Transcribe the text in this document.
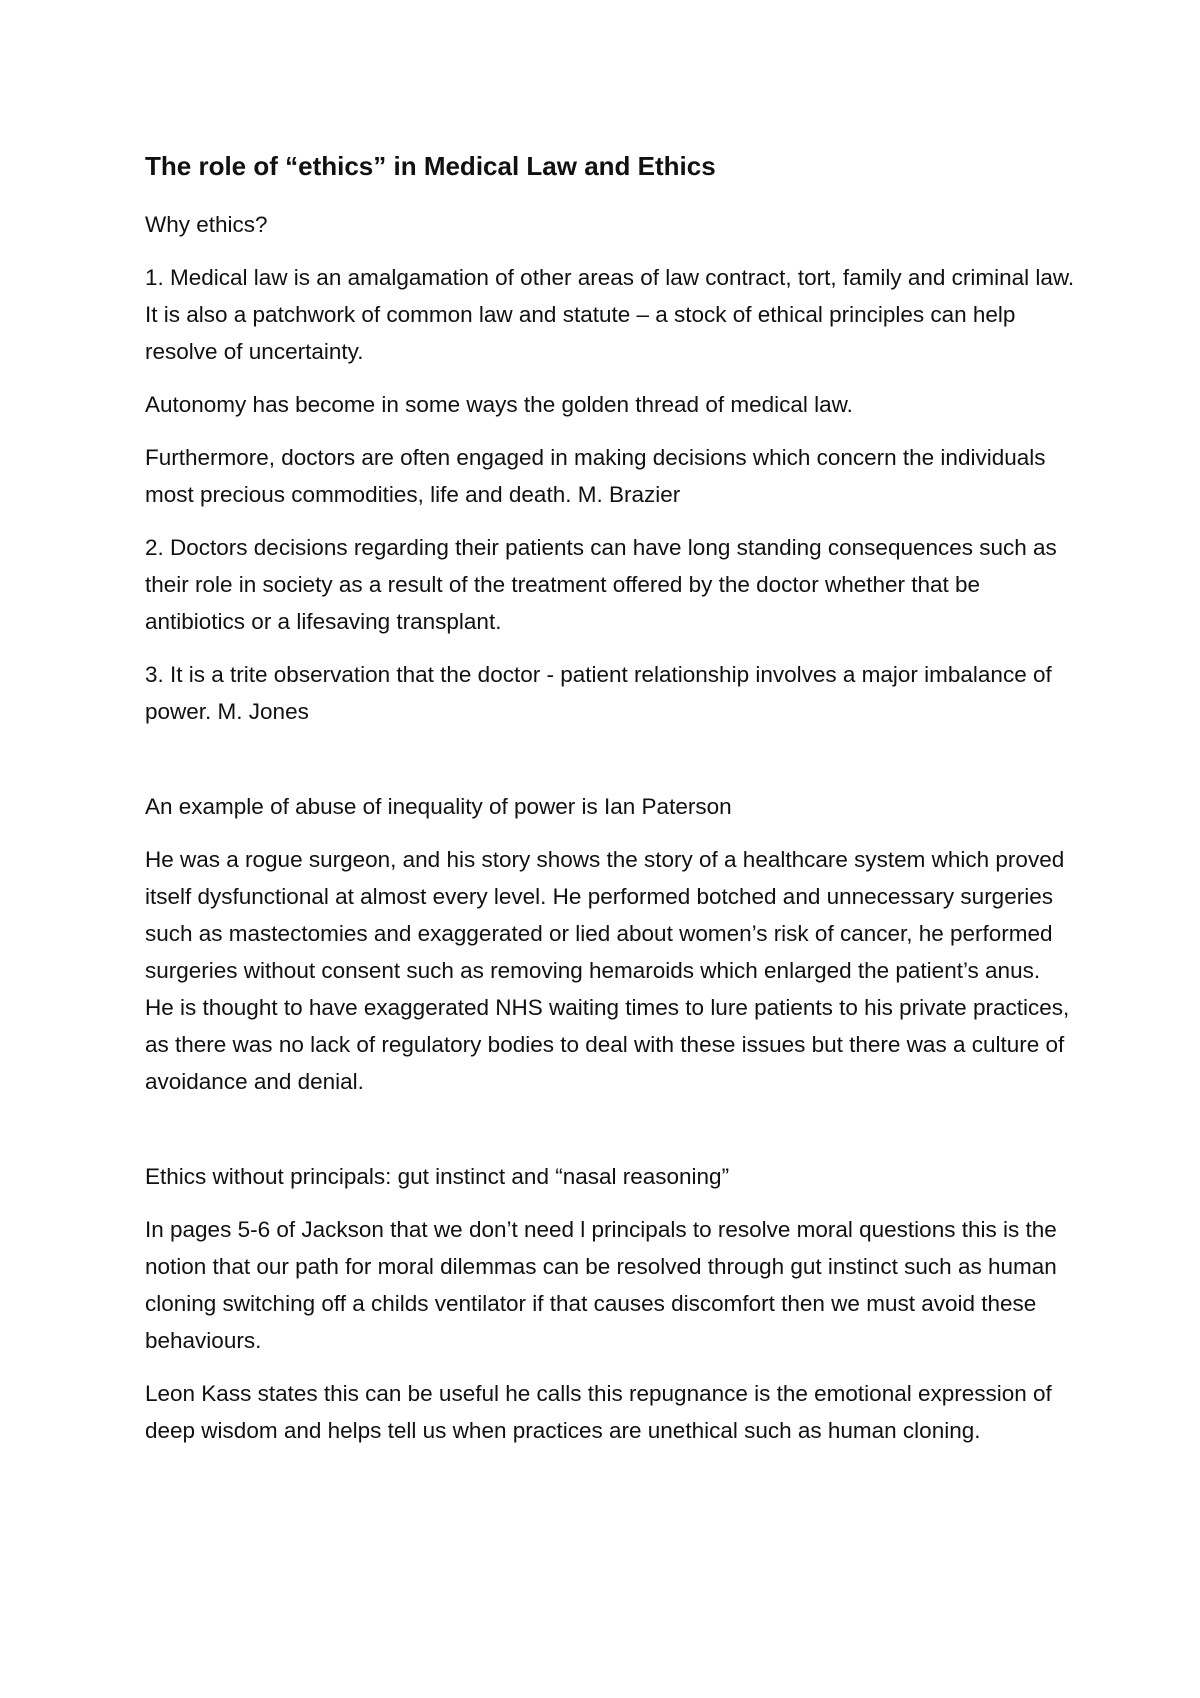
The role of “ethics” in Medical Law and Ethics

Why ethics?

1. Medical law is an amalgamation of other areas of law contract, tort, family and criminal law. It is also a patchwork of common law and statute – a stock of ethical principles can help resolve of uncertainty.

Autonomy has become in some ways the golden thread of medical law.

Furthermore, doctors are often engaged in making decisions which concern the individuals most precious commodities, life and death. M. Brazier

2. Doctors decisions regarding their patients can have long standing consequences such as their role in society as a result of the treatment offered by the doctor whether that be antibiotics or a lifesaving transplant.

3. It is a trite observation that the doctor - patient relationship involves a major imbalance of power. M. Jones

An example of abuse of inequality of power is Ian Paterson

He was a rogue surgeon, and his story shows the story of a healthcare system which proved itself dysfunctional at almost every level. He performed botched and unnecessary surgeries such as mastectomies and exaggerated or lied about women’s risk of cancer, he performed surgeries without consent such as removing hemaroids which enlarged the patient’s anus. He is thought to have exaggerated NHS waiting times to lure patients to his private practices, as there was no lack of regulatory bodies to deal with these issues but there was a culture of avoidance and denial.

Ethics without principals: gut instinct and “nasal reasoning”

In pages 5-6 of Jackson that we don’t need l principals to resolve moral questions this is the notion that our path for moral dilemmas can be resolved through gut instinct such as human cloning switching off a childs ventilator if that causes discomfort then we must avoid these behaviours.

Leon Kass states this can be useful he calls this repugnance is the emotional expression of deep wisdom and helps tell us when practices are unethical such as human cloning.
